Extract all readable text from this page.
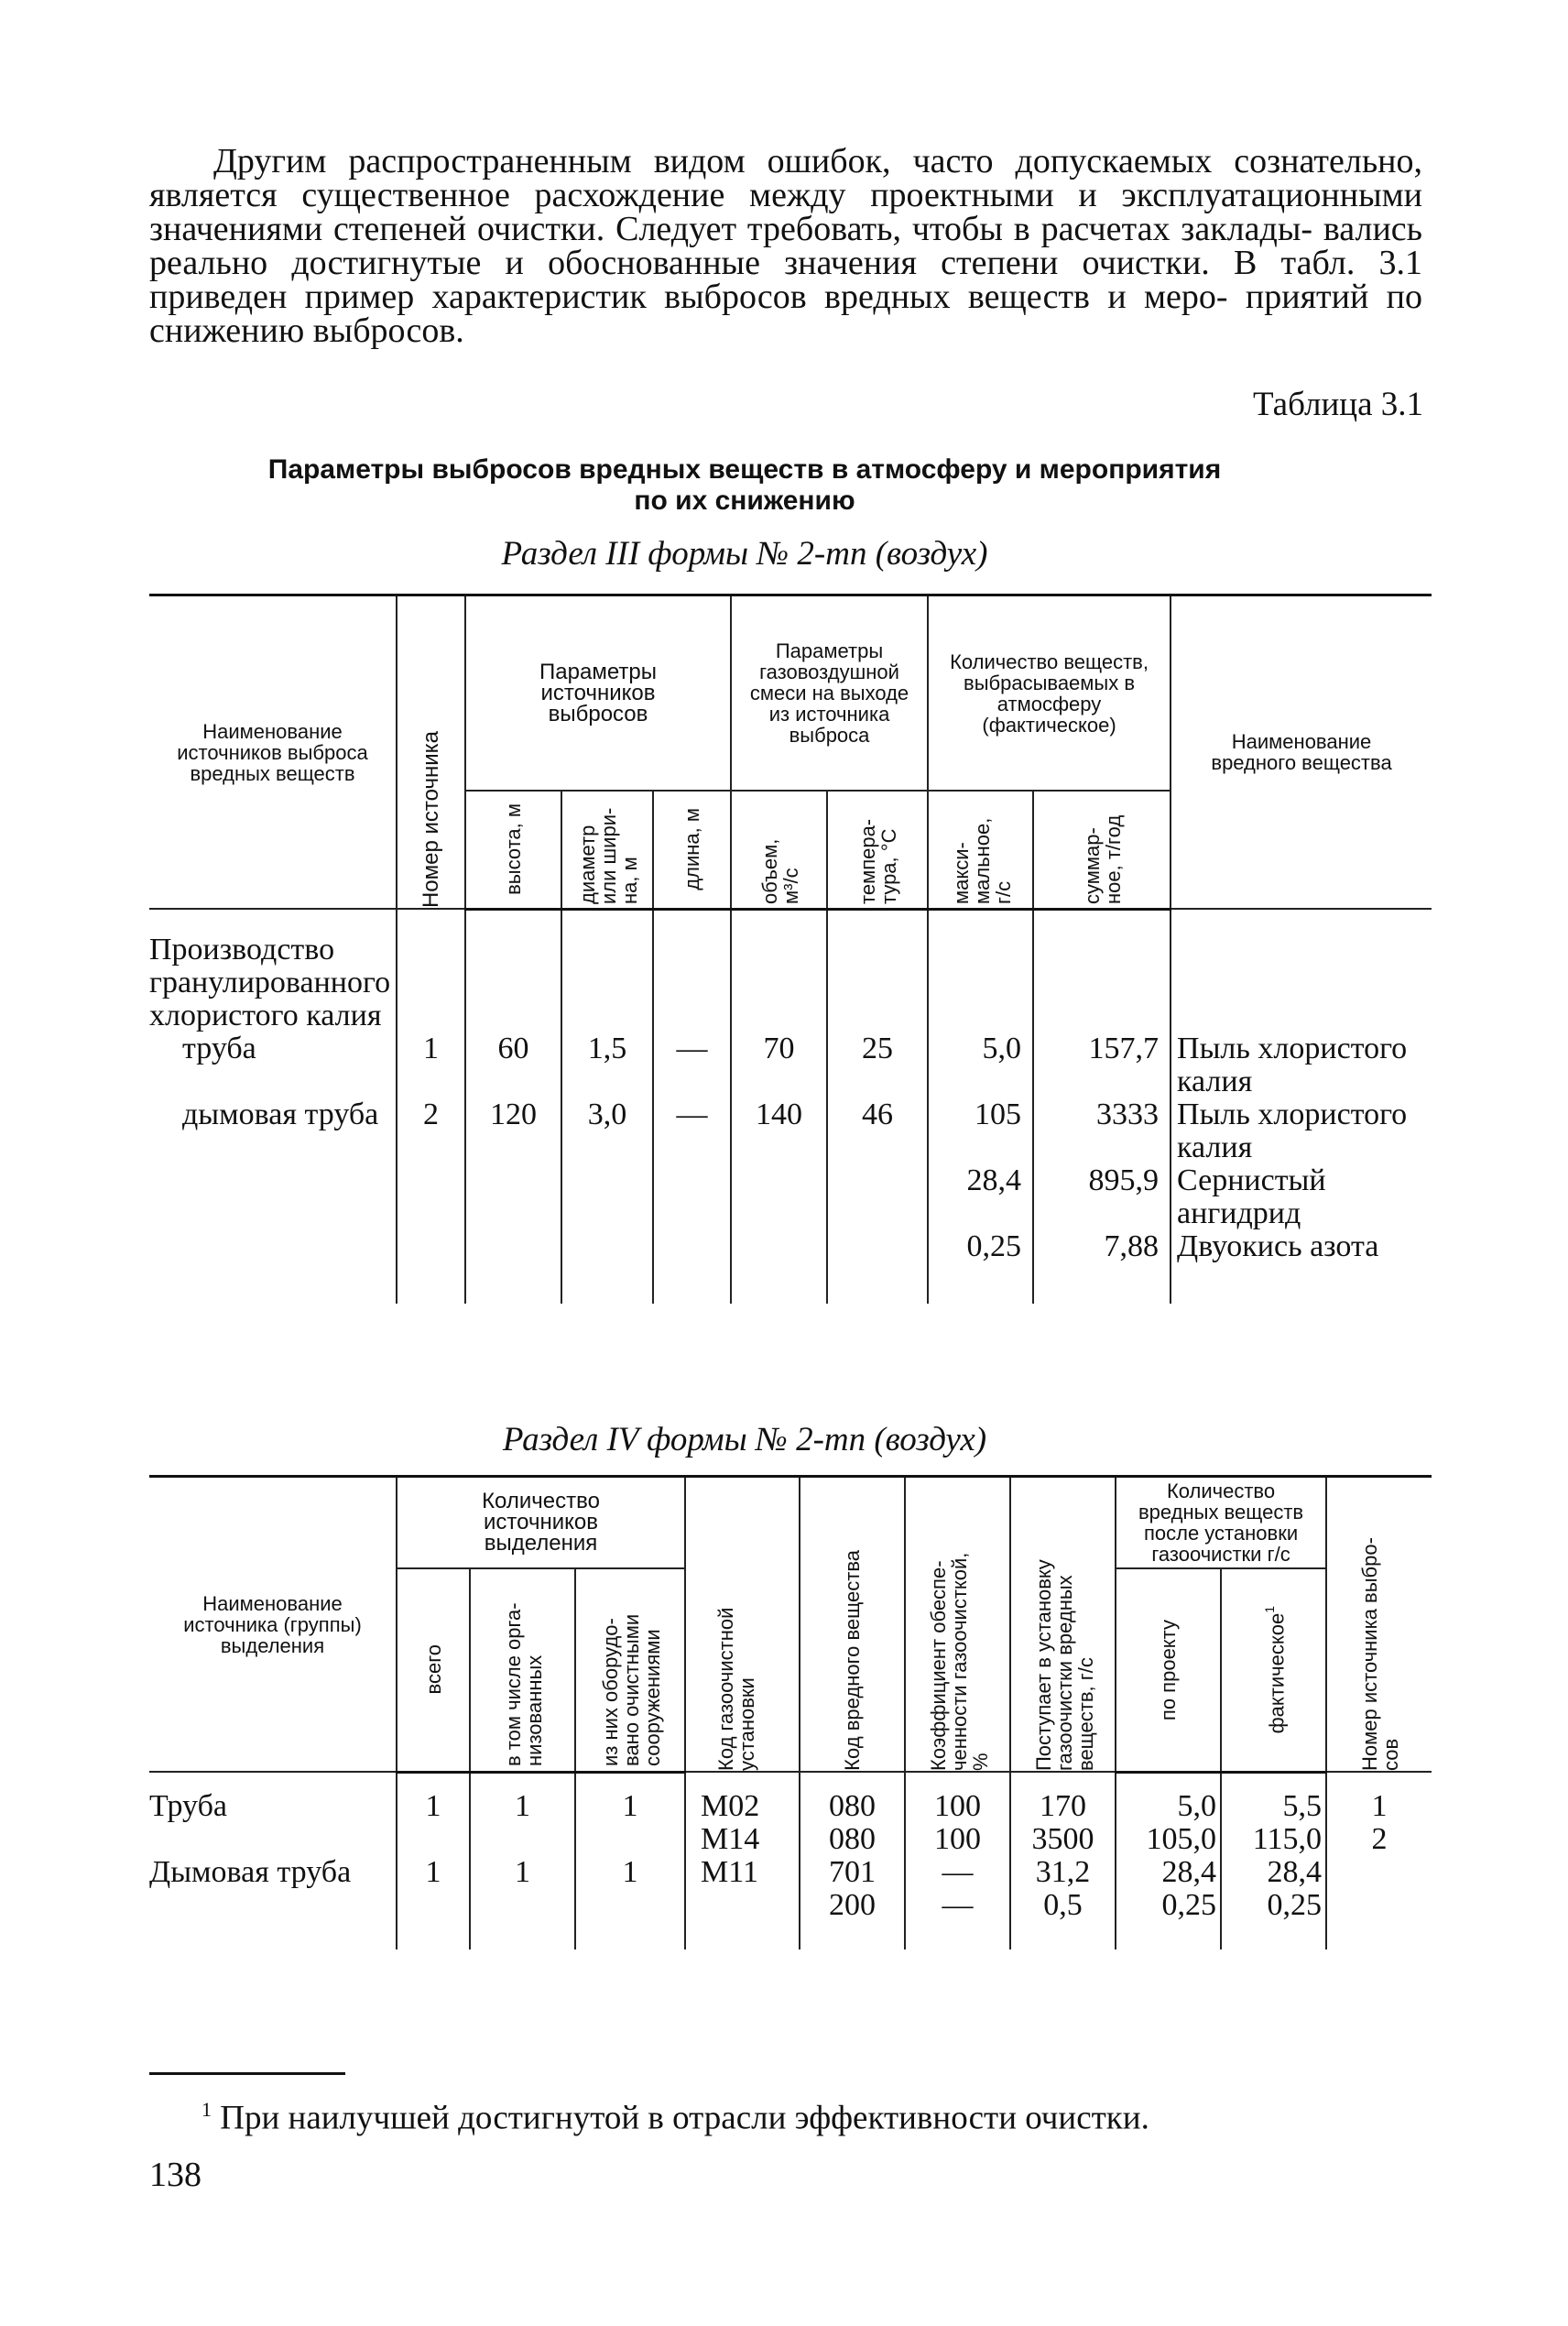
Другим распространенным видом ошибок, часто допускаемых сознательно, является существенное расхождение между проектными и эксплуатационными значениями степеней очистки. Следует требовать, чтобы в расчетах заклады- вались реально достигнутые и обоснованные значения степени очистки. В табл. 3.1 приведен пример характеристик выбросов вредных веществ и меро- приятий по снижению выбросов.

Таблица 3.1
Параметры выбросов вредных веществ в атмосферу и мероприятия
по их снижению
Раздел III формы № 2-тп (воздух)
Наименование источников выброса вредных веществ	Номер источника	Параметры источников выбросов			Параметры газовоздушной смеси на выходе из источника выброса		Количество веществ, выбрасываемых в атмосферу (фактическое)		Наименование вредного вещества

		высота, м	диаметр
или шири-
на, м	длина, м	объем,
м³/с	темпера-
тура, °С	макси-
мальное,
г/с	суммар-
ное, т/год	

Производство гранулированного хлористого калия									

труба	1	60	1,5	—	70	25	5,0	157,7	Пыль хлористого калия
дымовая труба	2	120	3,0	—	140	46	105	3333	Пыль хлористого калия
							28,4	895,9	Сернистый ангидрид
							0,25	7,88	Двуокись азота
Раздел IV формы № 2-тп (воздух)
Наименование источника (группы) выделения	Количество источников выделения			Код газоочистной
установки	Код вредного вещества	Коэффициент обеспе-
ченности газоочисткой,
%	Поступает в установку
газоочистки вредных
веществ, г/с	Количество вредных веществ после установки газоочистки г/с		Номер источника выбро-
сов

	всего	в том числе орга-
низованных	из них оборудо-
вано очистными
сооружениями					по проекту	фактическое$^1$

Труба	1	1	1	М02	080	100	170	5,0	5,5	1
				М14	080	100	3500	105,0	115,0	2
Дымовая труба	1	1	1	М11	701	—	31,2	28,4	28,4	
					200	—	0,5	0,25	0,25	

$^1$ При наилучшей достигнутой в отрасли эффективности очистки.
138
